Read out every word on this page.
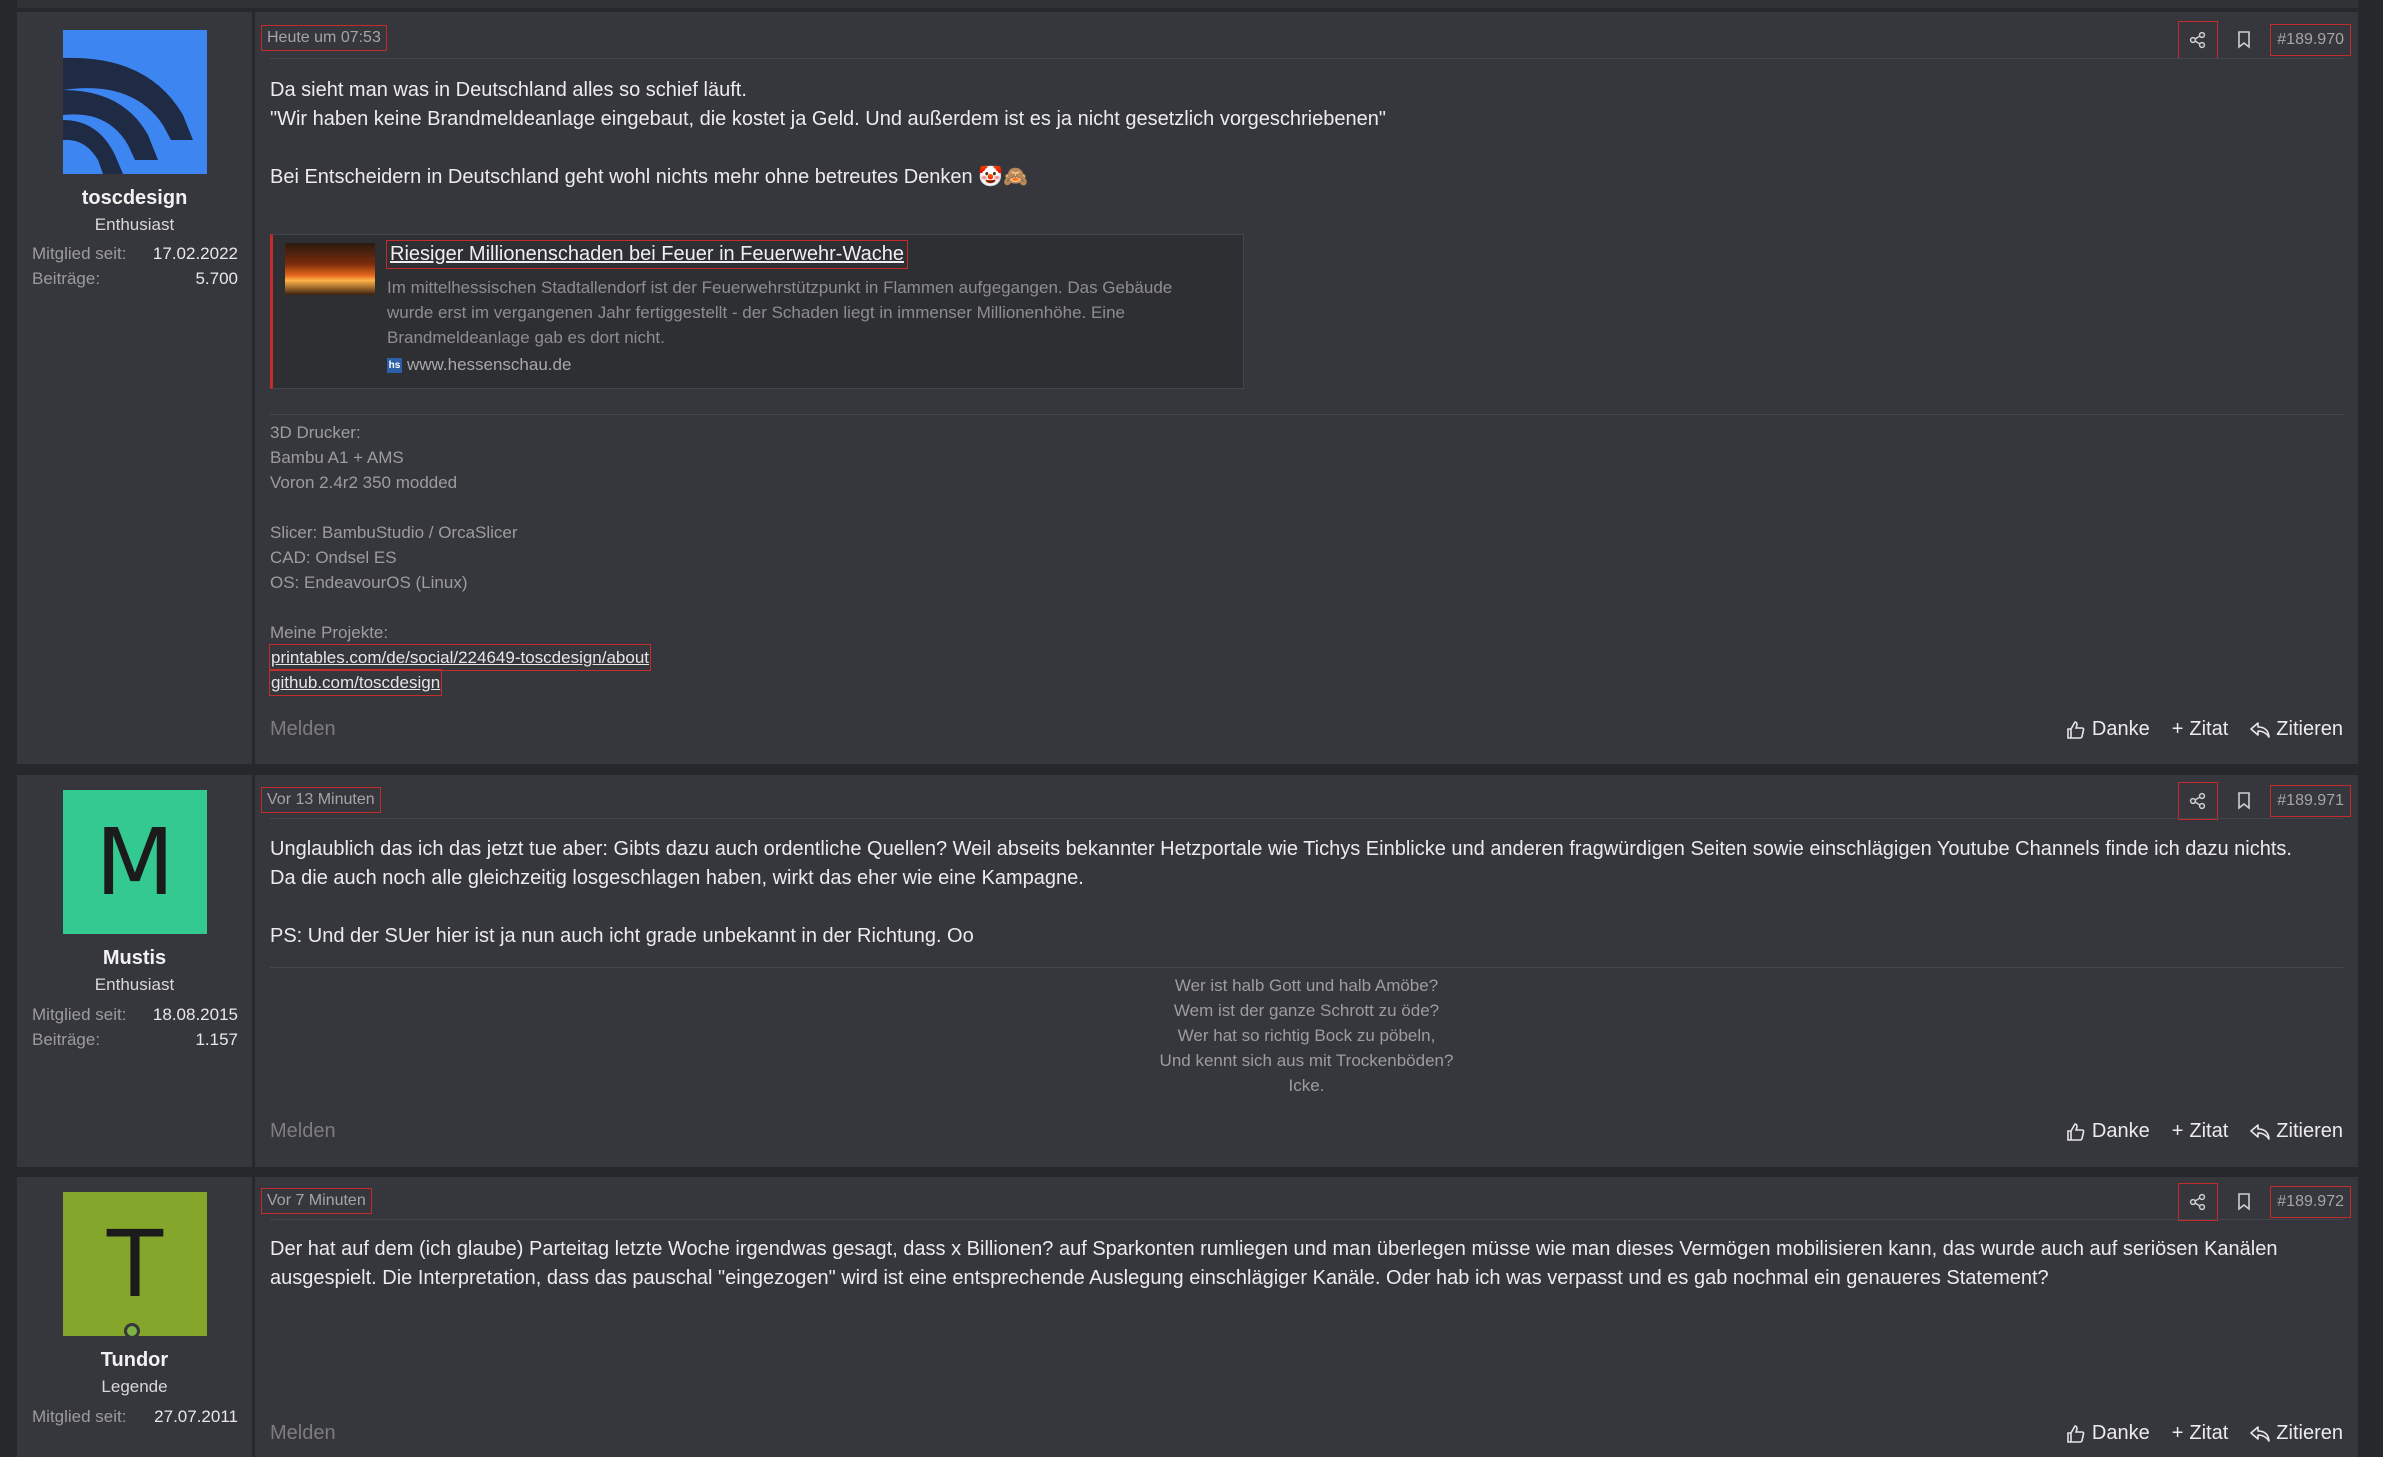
toscdesign
Enthusiast
Mitglied seit: 17.02.2022
Beiträge:	5.700
Heute um 07:53	#189.970

Da sieht man was in Deutschland alles so schief läuft.

"Wir haben keine Brandmeldeanlage eingebaut, die kostet ja Geld. Und außerdem ist es ja nicht gesetzlich vorgeschriebenen"

Bei Entscheidern in Deutschland geht wohl nichts mehr ohne betreutes Denken 🤡🙈

Riesiger Millionenschaden bei Feuer in Feuerwehr-Wache
Im mittelhessischen Stadtallendorf ist der Feuerwehrstützpunkt in Flammen aufgegangen. Das Gebäude wurde erst im vergangenen Jahr fertiggestellt - der Schaden liegt in immenser Millionenhöhe. Eine Brandmeldeanlage gab es dort nicht.
hs www.hessenschau.de
3D Drucker:
Bambu A1 + AMS
Voron 2.4r2 350 modded
Slicer: BambuStudio / OrcaSlicer
CAD: Ondsel ES
OS: EndeavourOS (Linux)
Meine Projekte:
printables.com/de/social/224649-toscdesign/about
github.com/toscdesign
Melden	Danke + Zitat Zitieren
M
Mustis
Enthusiast
Mitglied seit: 18.08.2015
Beiträge:	1.157
Vor 13 Minuten	#189.971

Unglaublich das ich das jetzt tue aber: Gibts dazu auch ordentliche Quellen? Weil abseits bekannter Hetzportale wie Tichys Einblicke und anderen fragwürdigen Seiten sowie einschlägigen Youtube Channels finde ich dazu nichts. Da die auch noch alle gleichzeitig losgeschlagen haben, wirkt das eher wie eine Kampagne.

PS: Und der SUer hier ist ja nun auch icht grade unbekannt in der Richtung. Oo

Wer ist halb Gott und halb Amöbe?
Wem ist der ganze Schrott zu öde?
Wer hat so richtig Bock zu pöbeln,
Und kennt sich aus mit Trockenböden?
Icke.
Melden	Danke + Zitat Zitieren
T
Tundor
Legende
Mitglied seit: 27.07.2011
Vor 7 Minuten	#189.972

Der hat auf dem (ich glaube) Parteitag letzte Woche irgendwas gesagt, dass x Billionen? auf Sparkonten rumliegen und man überlegen müsse wie man dieses Vermögen mobilisieren kann, das wurde auch auf seriösen Kanälen ausgespielt. Die Interpretation, dass das pauschal "eingezogen" wird ist eine entsprechende Auslegung einschlägiger Kanäle. Oder hab ich was verpasst und es gab nochmal ein genaueres Statement?

Melden	Danke + Zitat Zitieren
